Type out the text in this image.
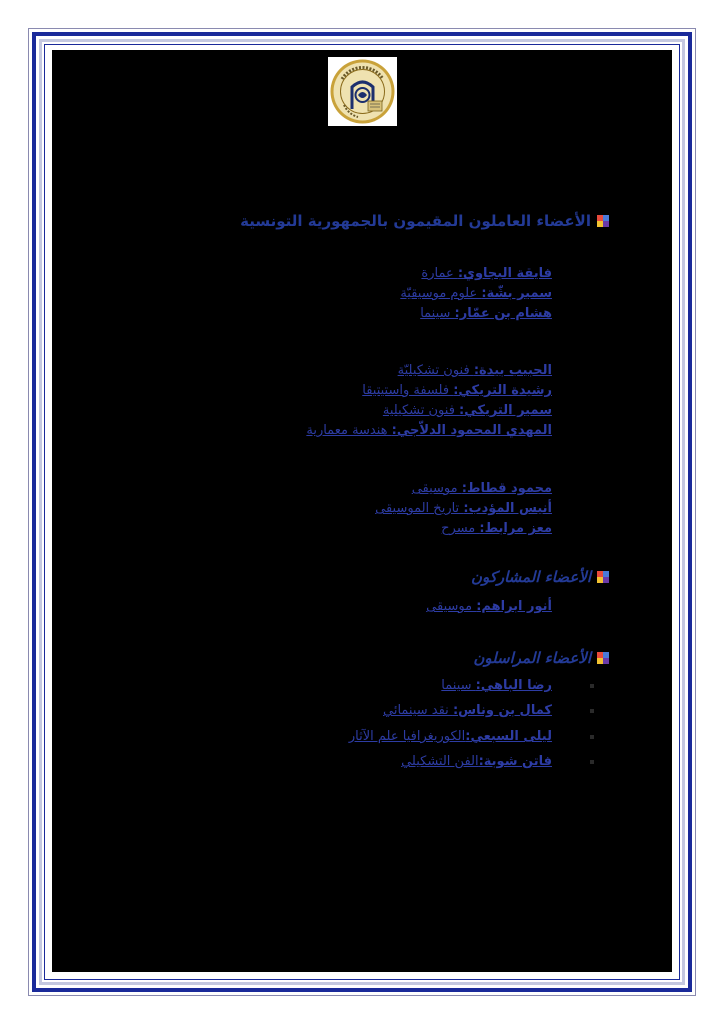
الأعضاء العاملون المقيمون بالجمهورية التونسية
فايقة البجاوي: عمارة
سمير بشّة: علوم موسيقيّة
هشام بن عمّار: سينما
الحبيب بيدة: فنون تشكيليّة
رشيدة التريكي: فلسفة واستيتيقا
سمير التريكي: فنون تشكيلية
المهدي المحمود الدلاّجي: هندسة معمارية
محمود قطاط: موسيقى
أنيس المؤدب: تاريخ الموسيقى
معز مرابط: مسرح
الأعضاء المشاركون
أنور ابراهم: موسيقى
الأعضاء المراسلون
رضا الباهي: سينما
كمال بن وناس: نقد سينمائي
ليلى السبعي:الكوريغرافيا علم الآثار
فاتن شوبة:الفن التشكيلي
